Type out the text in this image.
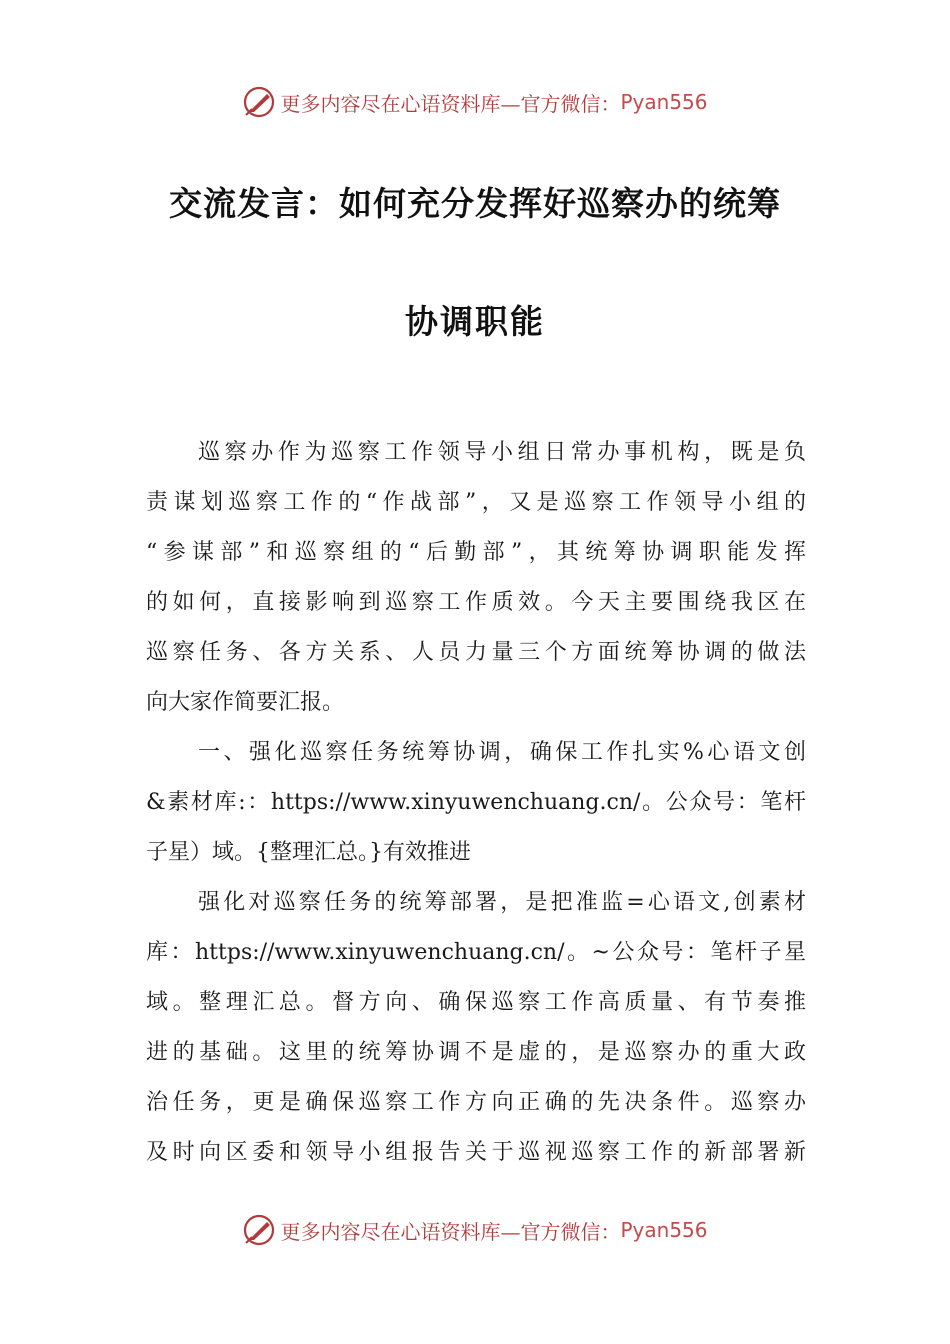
更多内容尽在心语资料库—官方微信： Pyan556
交流发言：如何充分发挥好巡察办的统筹
协调职能
巡察办作为巡察工作领导小组日常办事机构，既是负
责谋划巡察工作的“作战部”，又是巡察工作领导小组的
“参谋部”和巡察组的“后勤部”，其统筹协调职能发挥
的如何，直接影响到巡察工作质效。今天主要围绕我区在
巡察任务、各方关系、人员力量三个方面统筹协调的做法
向大家作简要汇报。
一、强化巡察任务统筹协调，确保工作扎实%心语文创
&素材库:：https://www.xinyuwenchuang.cn/。公众号：笔杆
子星）域。{整理汇总。}有效推进
强化对巡察任务的统筹部署，是把准监=心语文,创素材
库：https://www.xinyuwenchuang.cn/。~公众号：笔杆子星
域。整理汇总。督方向、确保巡察工作高质量、有节奏推
进的基础。这里的统筹协调不是虚的，是巡察办的重大政
治任务，更是确保巡察工作方向正确的先决条件。巡察办
及时向区委和领导小组报告关于巡视巡察工作的新部署新
更多内容尽在心语资料库—官方微信： Pyan556
